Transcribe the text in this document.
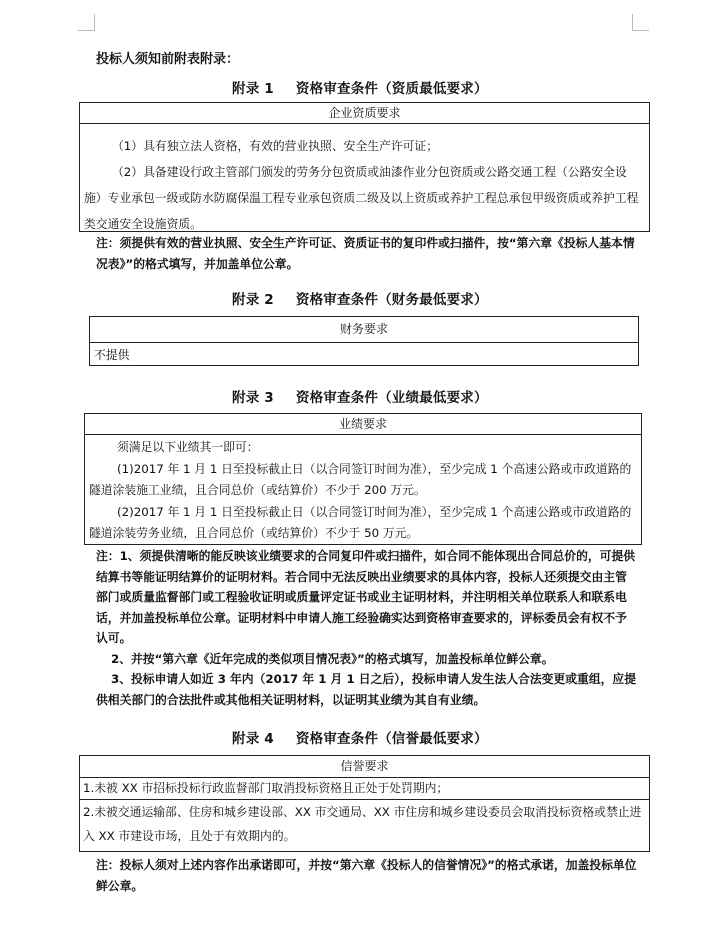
投标人须知前附表附录：
附录 1 资格审查条件（资质最低要求）
企业资质要求
（1）具有独立法人资格，有效的营业执照、安全生产许可证；
（2）具备建设行政主管部门颁发的劳务分包资质或油漆作业分包资质或公路交通工程（公路安全设施）专业承包一级或防水防腐保温工程专业承包资质二级及以上资质或养护工程总承包甲级资质或养护工程类交通安全设施资质。
注：须提供有效的营业执照、安全生产许可证、资质证书的复印件或扫描件，按“第六章《投标人基本情况表》”的格式填写，并加盖单位公章。
附录 2 资格审查条件（财务最低要求）
财务要求
不提供
附录 3 资格审查条件（业绩最低要求）
业绩要求
须满足以下业绩其一即可：
(1)2017 年 1 月 1 日至投标截止日（以合同签订时间为准），至少完成 1 个高速公路或市政道路的隧道涂装施工业绩，且合同总价（或结算价）不少于 200 万元。
(2)2017 年 1 月 1 日至投标截止日（以合同签订时间为准），至少完成 1 个高速公路或市政道路的隧道涂装劳务业绩，且合同总价（或结算价）不少于 50 万元。
注：1、须提供清晰的能反映该业绩要求的合同复印件或扫描件，如合同不能体现出合同总价的，可提供结算书等能证明结算价的证明材料。若合同中无法反映出业绩要求的具体内容，投标人还须提交由主管部门或质量监督部门或工程验收证明或质量评定证书或业主证明材料，并注明相关单位联系人和联系电话，并加盖投标单位公章。证明材料中申请人施工经验确实达到资格审查要求的，评标委员会有权不予认可。
2、并按“第六章《近年完成的类似项目情况表》”的格式填写，加盖投标单位鲜公章。
3、投标申请人如近 3 年内（2017 年 1 月 1 日之后），投标申请人发生法人合法变更或重组，应提供相关部门的合法批件或其他相关证明材料，以证明其业绩为其自有业绩。
附录 4 资格审查条件（信誉最低要求）
信誉要求
1.未被 XX 市招标投标行政监督部门取消投标资格且正处于处罚期内；
2.未被交通运输部、住房和城乡建设部、XX 市交通局、XX 市住房和城乡建设委员会取消投标资格或禁止进入 XX 市建设市场，且处于有效期内的。
注：投标人须对上述内容作出承诺即可，并按“第六章《投标人的信誉情况》”的格式承诺，加盖投标单位鲜公章。
